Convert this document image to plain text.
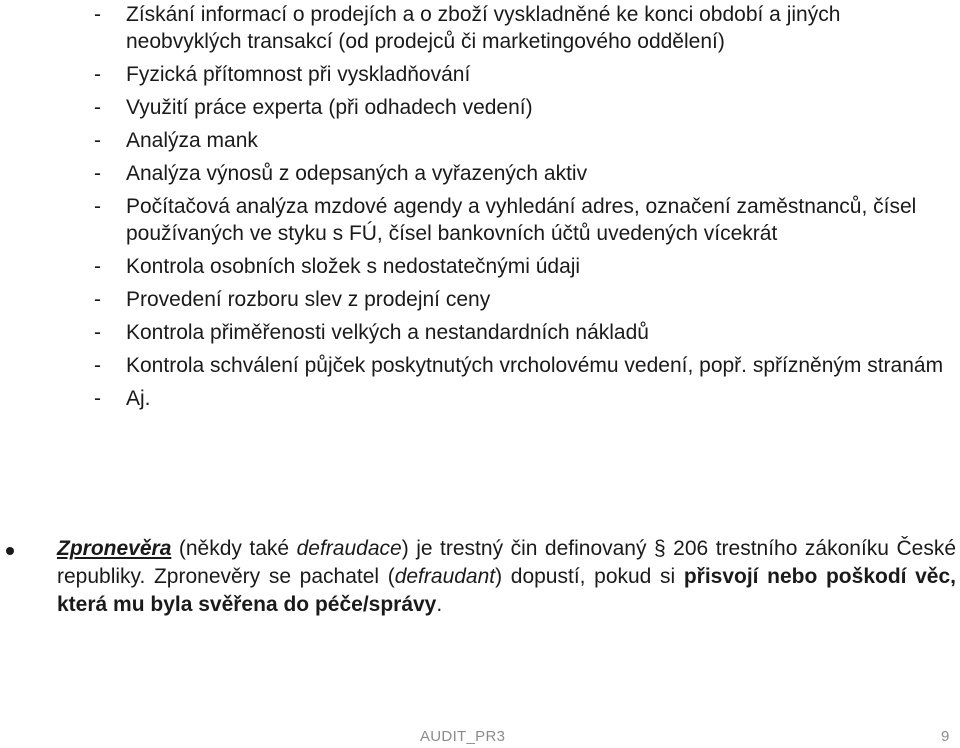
- Získání informací o prodejích a o zboží vyskladněné ke konci období a jiných neobvyklých transakcí (od prodejců či marketingového oddělení)
- Fyzická přítomnost při vyskladňování
- Využití práce experta (při odhadech vedení)
- Analýza mank
- Analýza výnosů z odepsaných a vyřazených aktiv
- Počítačová analýza mzdové agendy a vyhledání adres, označení zaměstnanců, čísel používaných ve styku s FÚ, čísel bankovních účtů uvedených vícekrát
- Kontrola osobních složek s nedostatečnými údaji
- Provedení rozboru slev z prodejní ceny
- Kontrola přiměřenosti velkých a nestandardních nákladů
- Kontrola schválení půjček poskytnutých vrcholovému vedení, popř. spřízněným stranám
- Aj.
Zpronevěra (někdy také defraudace) je trestný čin definovaný § 206 trestního zákoníku České republiky. Zpronevěry se pachatel (defraudant) dopustí, pokud si přisvojí nebo poškodí věc, která mu byla svěřena do péče/správy.
AUDIT_PR3	9
